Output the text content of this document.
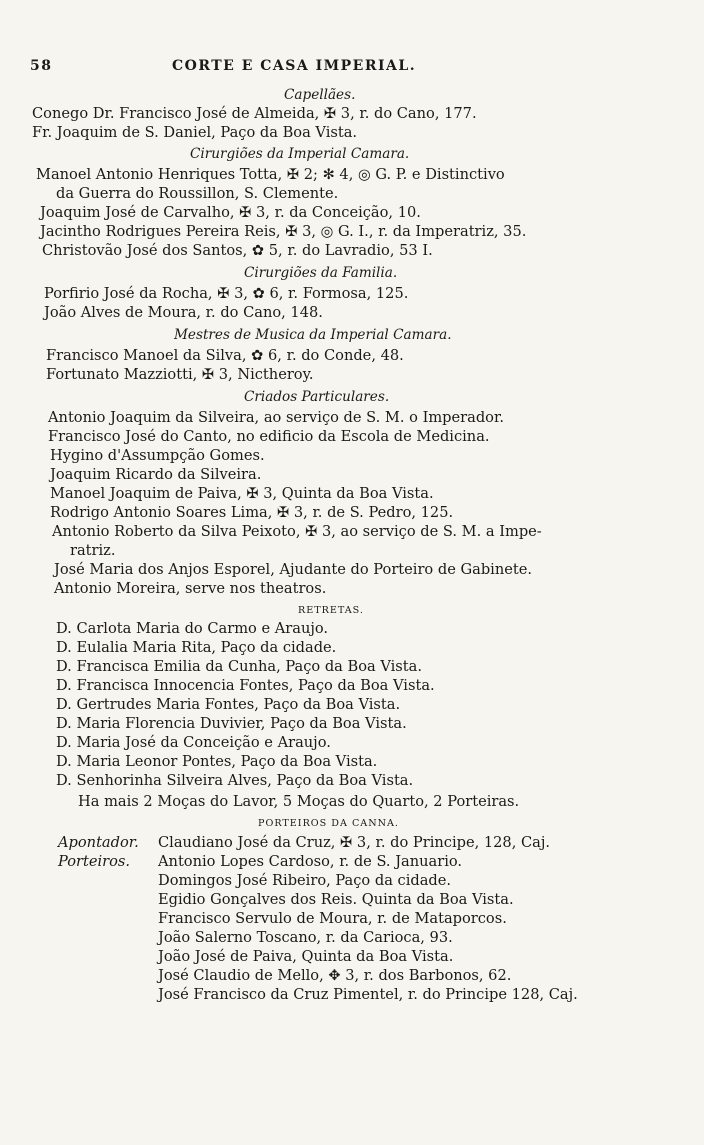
58	CORTE E CASA IMPERIAL.
Capellães.
Conego Dr. Francisco José de Almeida, ✠ 3, r. do Cano, 177.
Fr. Joaquim de S. Daniel, Paço da Boa Vista.
Cirurgiões da Imperial Camara.
Manoel Antonio Henriques Totta, ✠ 2; ✻ 4, ◎ G. P. e Distinctivo
da Guerra do Roussillon, S. Clemente.
Joaquim José de Carvalho, ✠ 3, r. da Conceição, 10.
Jacintho Rodrigues Pereira Reis, ✠ 3, ◎ G. I., r. da Imperatriz, 35.
Christovão José dos Santos, ✿ 5, r. do Lavradio, 53 I.
Cirurgiões da Familia.
Porfirio José da Rocha, ✠ 3, ✿ 6, r. Formosa, 125.
João Alves de Moura, r. do Cano, 148.
Mestres de Musica da Imperial Camara.
Francisco Manoel da Silva, ✿ 6, r. do Conde, 48.
Fortunato Mazziotti, ✠ 3, Nictheroy.
Criados Particulares.
Antonio Joaquim da Silveira, ao serviço de S. M. o Imperador.
Francisco José do Canto, no edificio da Escola de Medicina.
Hygino d'Assumpção Gomes.
Joaquim Ricardo da Silveira.
Manoel Joaquim de Paiva, ✠ 3, Quinta da Boa Vista.
Rodrigo Antonio Soares Lima, ✠ 3, r. de S. Pedro, 125.
Antonio Roberto da Silva Peixoto, ✠ 3, ao serviço de S. M. a Impe-
ratriz.
José Maria dos Anjos Esporel, Ajudante do Porteiro de Gabinete.
Antonio Moreira, serve nos theatros.
RETRETAS.
D. Carlota Maria do Carmo e Araujo.
D. Eulalia Maria Rita, Paço da cidade.
D. Francisca Emilia da Cunha, Paço da Boa Vista.
D. Francisca Innocencia Fontes, Paço da Boa Vista.
D. Gertrudes Maria Fontes, Paço da Boa Vista.
D. Maria Florencia Duvivier, Paço da Boa Vista.
D. Maria José da Conceição e Araujo.
D. Maria Leonor Pontes, Paço da Boa Vista.
D. Senhorinha Silveira Alves, Paço da Boa Vista.
Ha mais 2 Moças do Lavor, 5 Moças do Quarto, 2 Porteiras.
PORTEIROS DA CANNA.
Apontador. Claudiano José da Cruz, ✠ 3, r. do Principe, 128, Caj.
Porteiros. Antonio Lopes Cardoso, r. de S. Januario.
Domingos José Ribeiro, Paço da cidade.
Egidio Gonçalves dos Reis. Quinta da Boa Vista.
Francisco Servulo de Moura, r. de Mataporcos.
João Salerno Toscano, r. da Carioca, 93.
João José de Paiva, Quinta da Boa Vista.
José Claudio de Mello, ✥ 3, r. dos Barbonos, 62.
José Francisco da Cruz Pimentel, r. do Principe 128, Caj.
